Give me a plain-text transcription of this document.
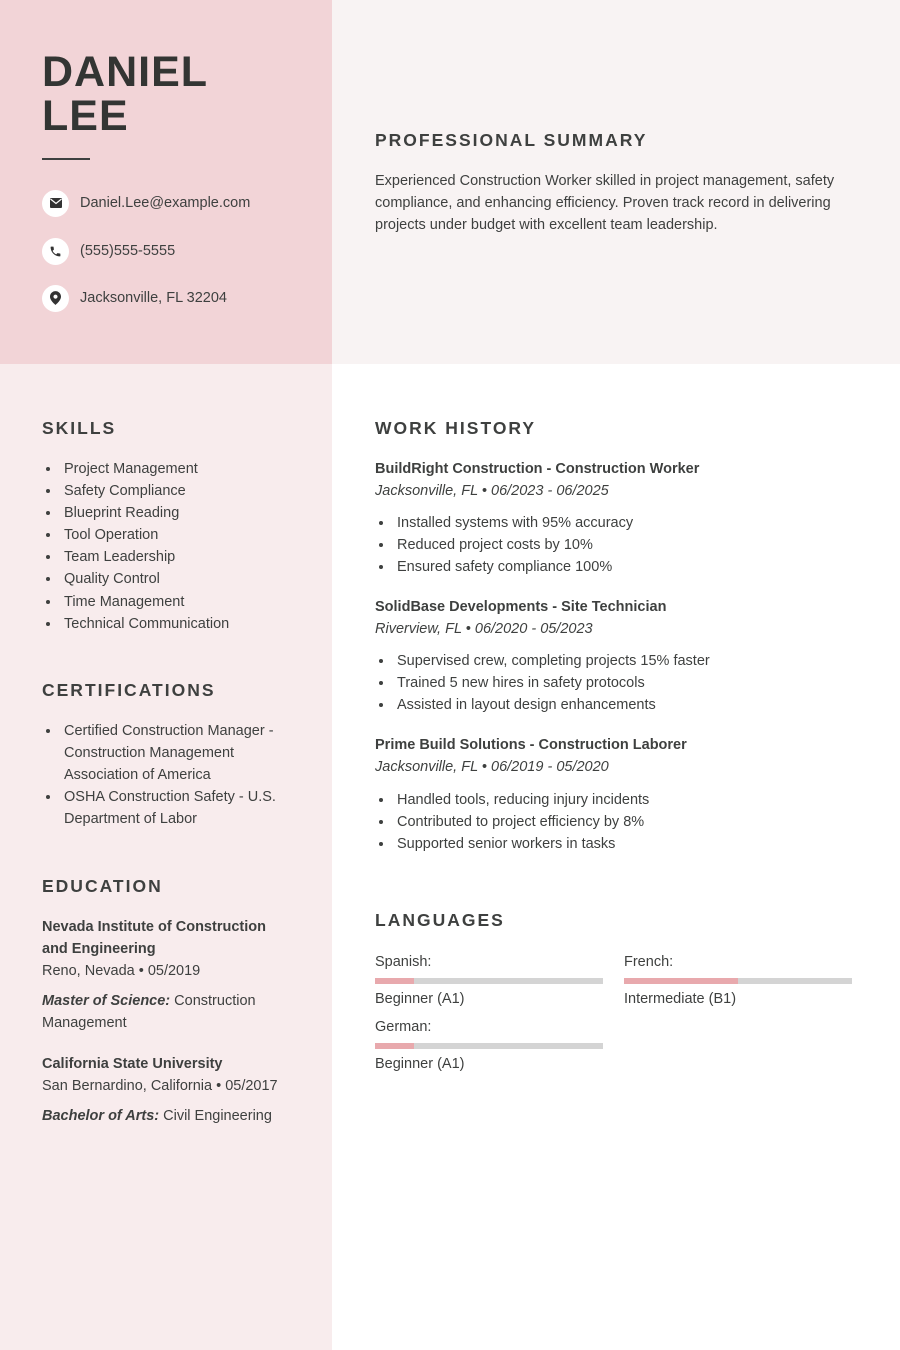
DANIEL
LEE
Daniel.Lee@example.com
(555)555-5555
Jacksonville, FL 32204
PROFESSIONAL SUMMARY
Experienced Construction Worker skilled in project management, safety compliance, and enhancing efficiency. Proven track record in delivering projects under budget with excellent team leadership.
SKILLS
Project Management
Safety Compliance
Blueprint Reading
Tool Operation
Team Leadership
Quality Control
Time Management
Technical Communication
CERTIFICATIONS
Certified Construction Manager - Construction Management Association of America
OSHA Construction Safety - U.S. Department of Labor
EDUCATION
Nevada Institute of Construction and Engineering
Reno, Nevada • 05/2019
Master of Science: Construction Management
California State University
San Bernardino, California • 05/2017
Bachelor of Arts: Civil Engineering
WORK HISTORY
BuildRight Construction - Construction Worker
Jacksonville, FL • 06/2023 - 06/2025
Installed systems with 95% accuracy
Reduced project costs by 10%
Ensured safety compliance 100%
SolidBase Developments - Site Technician
Riverview, FL • 06/2020 - 05/2023
Supervised crew, completing projects 15% faster
Trained 5 new hires in safety protocols
Assisted in layout design enhancements
Prime Build Solutions - Construction Laborer
Jacksonville, FL • 06/2019 - 05/2020
Handled tools, reducing injury incidents
Contributed to project efficiency by 8%
Supported senior workers in tasks
LANGUAGES
Spanish:
Beginner (A1)
French:
Intermediate (B1)
German:
Beginner (A1)
